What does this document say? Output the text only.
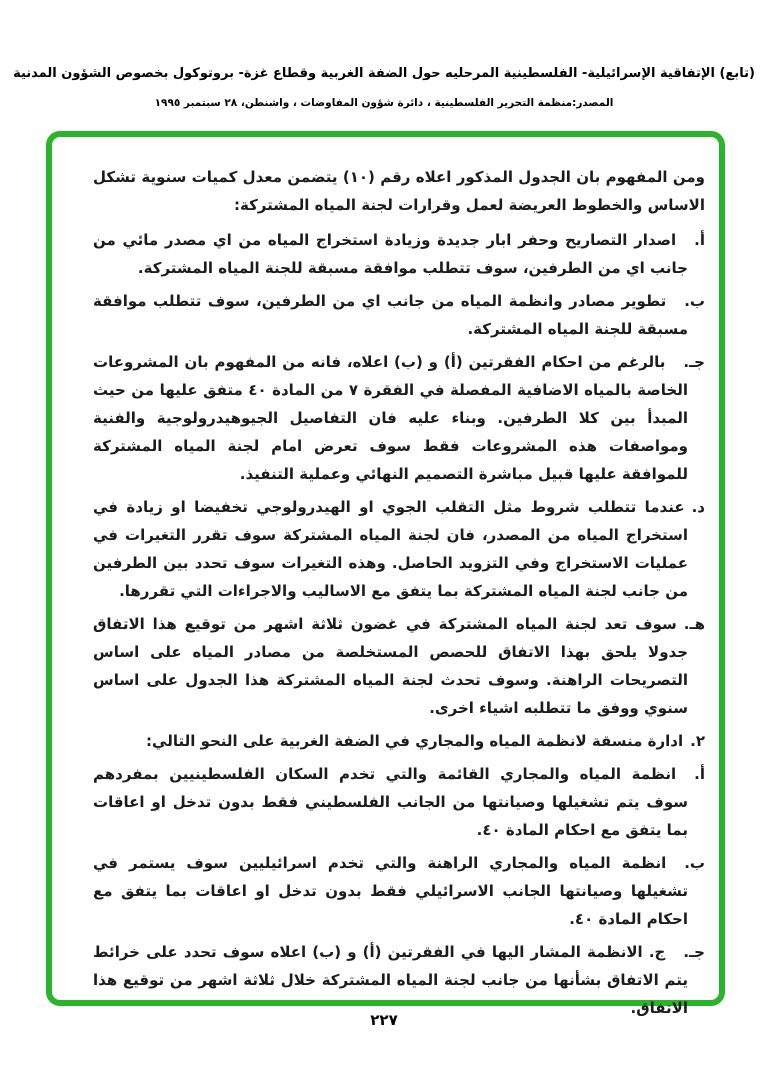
(تابع) الإتفاقية الإسرائيلية- الفلسطينية المرحليه حول الضفة الغربية وقطاع غزة- بروتوكول بخصوص الشؤون المدنية
المصدر:منظمة التحرير الفلسطينية ، دائرة شؤون المفاوضات ، واشنطن، ٢٨ سبتمبر ١٩٩٥

ومن المفهوم بان الجدول المذكور اعلاه رقم (١٠) يتضمن معدل كميات سنوية تشكل الاساس والخطوط العريضة لعمل وقرارات لجنة المياه المشتركة:

أ.اصدار التصاريح وحفر ابار جديدة وزيادة استخراج المياه من اي مصدر مائي من جانب اي من الطرفين، سوف تتطلب موافقة مسبقة للجنة المياه المشتركة.

ب.تطوير مصادر وانظمة المياه من جانب اي من الطرفين، سوف تتطلب موافقة مسبقة للجنة المياه المشتركة.

جـ.بالرغم من احكام الفقرتين (أ) و (ب) اعلاه، فانه من المفهوم بان المشروعات الخاصة بالمياه الاضافية المفصلة في الفقرة ٧ من المادة ٤٠ متفق عليها من حيث المبدأ بين كلا الطرفين. وبناء عليه فان التفاصيل الجيوهيدرولوجية والفنية ومواصفات هذه المشروعات فقط سوف تعرض امام لجنة المياه المشتركة للموافقة عليها قبيل مباشرة التصميم النهائي وعملية التنفيذ.

د.عندما تتطلب شروط مثل التقلب الجوي او الهيدرولوجي تخفيضا او زيادة في استخراج المياه من المصدر، فان لجنة المياه المشتركة سوف تقرر التغيرات في عمليات الاستخراج وفي التزويد الحاصل. وهذه التغيرات سوف تحدد بين الطرفين من جانب لجنة المياه المشتركة بما يتفق مع الاساليب والاجراءات التي تقررها.

هـ.سوف تعد لجنة المياه المشتركة في غضون ثلاثة اشهر من توقيع هذا الاتفاق جدولا يلحق بهذا الاتفاق للحصص المستخلصة من مصادر المياه على اساس التصريحات الراهنة. وسوف تحدث لجنة المياه المشتركة هذا الجدول على اساس سنوي ووفق ما تتطلبه اشياء اخرى.

٢.ادارة منسقة لانظمة المياه والمجاري في الضفة الغربية على النحو التالي:

أ.انظمة المياه والمجاري القائمة والتي تخدم السكان الفلسطينيين بمفردهم سوف يتم تشغيلها وصيانتها من الجانب الفلسطيني فقط بدون تدخل او اعاقات بما يتفق مع احكام المادة ٤٠.

ب.انظمة المياه والمجاري الراهنة والتي تخدم اسرائيليين سوف يستمر في تشغيلها وصيانتها الجانب الاسرائيلي فقط بدون تدخل او اعاقات بما يتفق مع احكام المادة ٤٠.

جـ.ج. الانظمة المشار اليها في الفقرتين (أ) و (ب) اعلاه سوف تحدد على خرائط يتم الاتفاق بشأنها من جانب لجنة المياه المشتركة خلال ثلاثة اشهر من توقيع هذا الاتفاق.

٢٢٧
